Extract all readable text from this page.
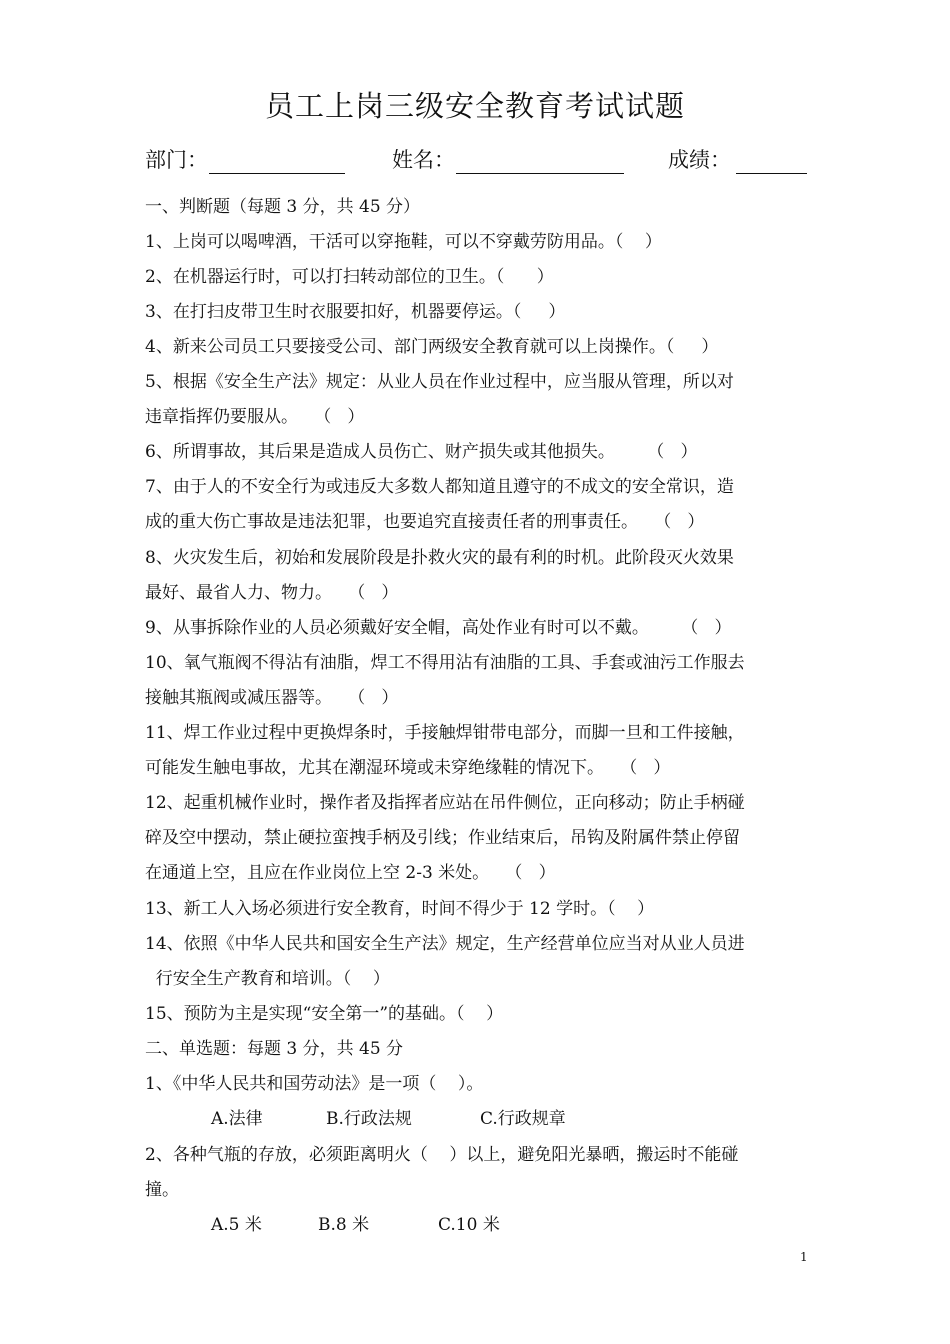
员工上岗三级安全教育考试试题
部门：	姓名：	成绩：
一、判断题（每题 3 分，共 45 分）
1、上岗可以喝啤酒，干活可以穿拖鞋，可以不穿戴劳防用品。（    ）
2、在机器运行时，可以打扫转动部位的卫生。（      ）
3、在打扫皮带卫生时衣服要扣好，机器要停运。（     ）
4、新来公司员工只要接受公司、部门两级安全教育就可以上岗操作。（     ）
5、根据《安全生产法》规定：从业人员在作业过程中，应当服从管理，所以对
违章指挥仍要服从。   （   ）
6、所谓事故，其后果是造成人员伤亡、财产损失或其他损失。      （   ）
7、由于人的不安全行为或违反大多数人都知道且遵守的不成文的安全常识，造
成的重大伤亡事故是违法犯罪，也要追究直接责任者的刑事责任。   （   ）
8、火灾发生后，初始和发展阶段是扑救火灾的最有利的时机。此阶段灭火效果
最好、最省人力、物力。   （   ）
9、从事拆除作业的人员必须戴好安全帽，高处作业有时可以不戴。      （   ）
10、氧气瓶阀不得沾有油脂，焊工不得用沾有油脂的工具、手套或油污工作服去
接触其瓶阀或减压器等。   （   ）
11、焊工作业过程中更换焊条时，手接触焊钳带电部分，而脚一旦和工件接触，
可能发生触电事故，尤其在潮湿环境或未穿绝缘鞋的情况下。   （   ）
12、起重机械作业时，操作者及指挥者应站在吊件侧位，正向移动；防止手柄碰
碎及空中摆动，禁止硬拉蛮拽手柄及引线；作业结束后，吊钩及附属件禁止停留
在通道上空，且应在作业岗位上空 2-3 米处。   （   ）
13、新工人入场必须进行安全教育，时间不得少于 12 学时。（    ）
14、依照《中华人民共和国安全生产法》规定，生产经营单位应当对从业人员进
行安全生产教育和培训。（    ）
15、预防为主是实现“安全第一”的基础。（    ）
二、单选题：每题 3 分，共 45 分
1、《中华人民共和国劳动法》是一项（    ）。
A.法律	B.行政法规	C.行政规章
2、各种气瓶的存放，必须距离明火（    ）以上，避免阳光暴晒，搬运时不能碰
撞。
A.5 米	B.8 米	C.10 米
1
